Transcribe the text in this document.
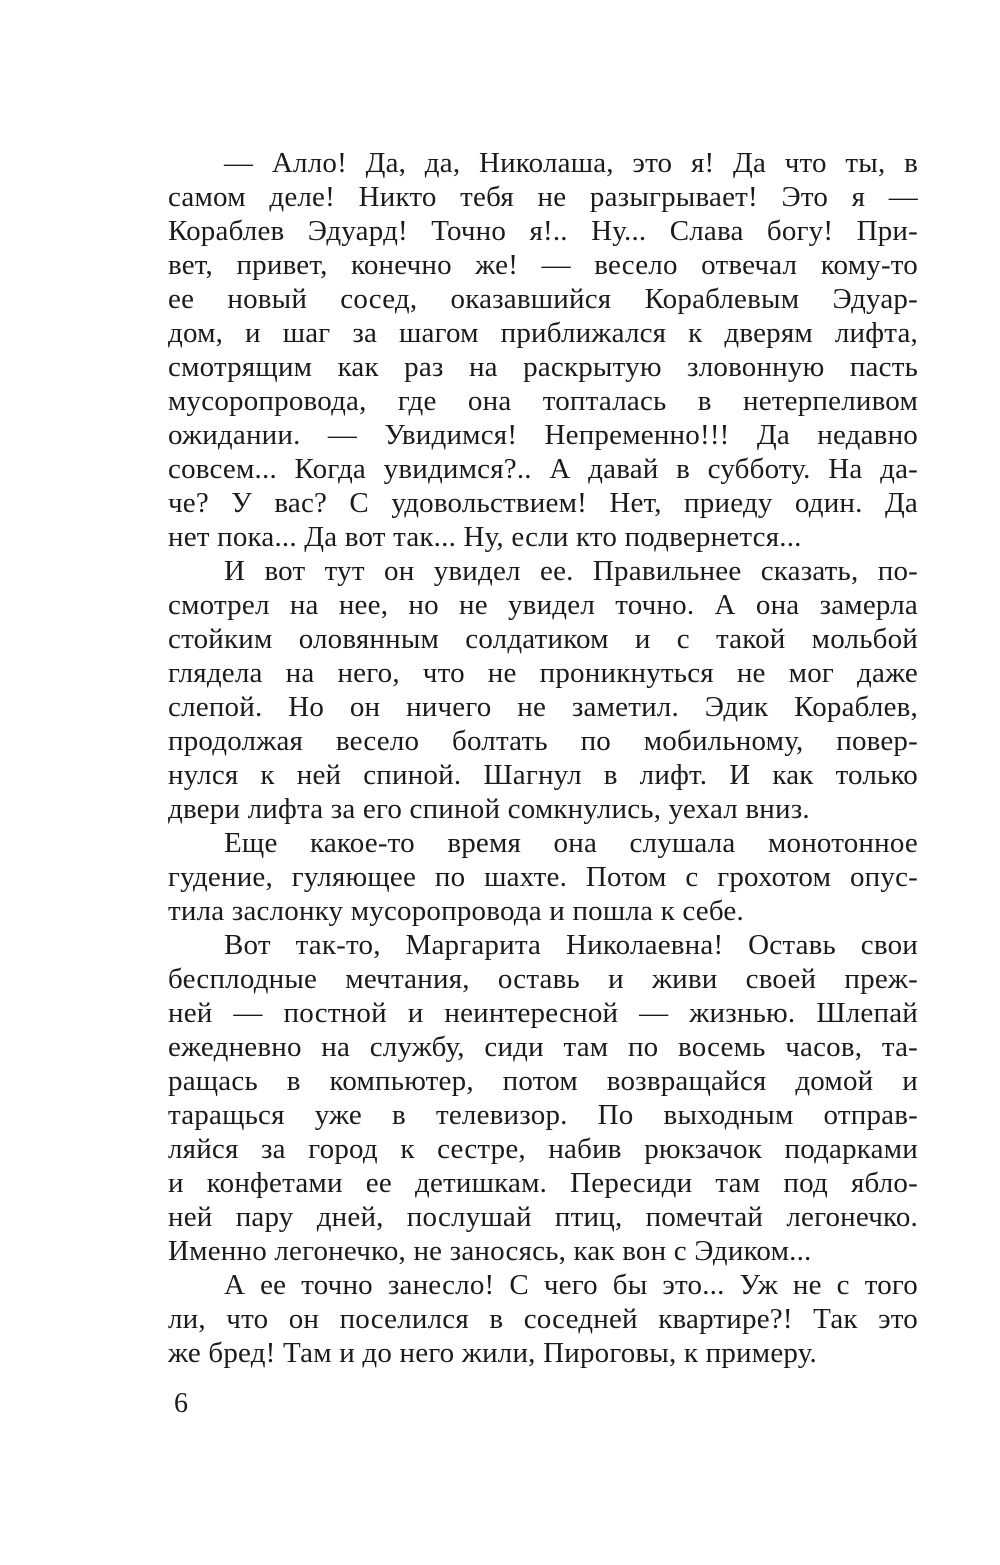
— Алло! Да, да, Николаша, это я! Да что ты, в
самом деле! Никто тебя не разыгрывает! Это я —
Кораблев Эдуард! Точно я!.. Ну... Слава богу! При-
вет, привет, конечно же! — весело отвечал кому-то
ее новый сосед, оказавшийся Кораблевым Эдуар-
дом, и шаг за шагом приближался к дверям лифта,
смотрящим как раз на раскрытую зловонную пасть
мусоропровода, где она топталась в нетерпеливом
ожидании. — Увидимся! Непременно!!! Да недавно
совсем... Когда увидимся?.. А давай в субботу. На да-
че? У вас? С удовольствием! Нет, приеду один. Да
нет пока... Да вот так... Ну, если кто подвернется...
И вот тут он увидел ее. Правильнее сказать, по-
смотрел на нее, но не увидел точно. А она замерла
стойким оловянным солдатиком и с такой мольбой
глядела на него, что не проникнуться не мог даже
слепой. Но он ничего не заметил. Эдик Кораблев,
продолжая весело болтать по мобильному, повер-
нулся к ней спиной. Шагнул в лифт. И как только
двери лифта за его спиной сомкнулись, уехал вниз.
Еще какое-то время она слушала монотонное
гудение, гуляющее по шахте. Потом с грохотом опус-
тила заслонку мусоропровода и пошла к себе.
Вот так-то, Маргарита Николаевна! Оставь свои
бесплодные мечтания, оставь и живи своей преж-
ней — постной и неинтересной — жизнью. Шлепай
ежедневно на службу, сиди там по восемь часов, та-
ращась в компьютер, потом возвращайся домой и
таращься уже в телевизор. По выходным отправ-
ляйся за город к сестре, набив рюкзачок подарками
и конфетами ее детишкам. Пересиди там под ябло-
ней пару дней, послушай птиц, помечтай легонечко.
Именно легонечко, не заносясь, как вон с Эдиком...
А ее точно занесло! С чего бы это... Уж не с того
ли, что он поселился в соседней квартире?! Так это
же бред! Там и до него жили, Пироговы, к примеру.
6
